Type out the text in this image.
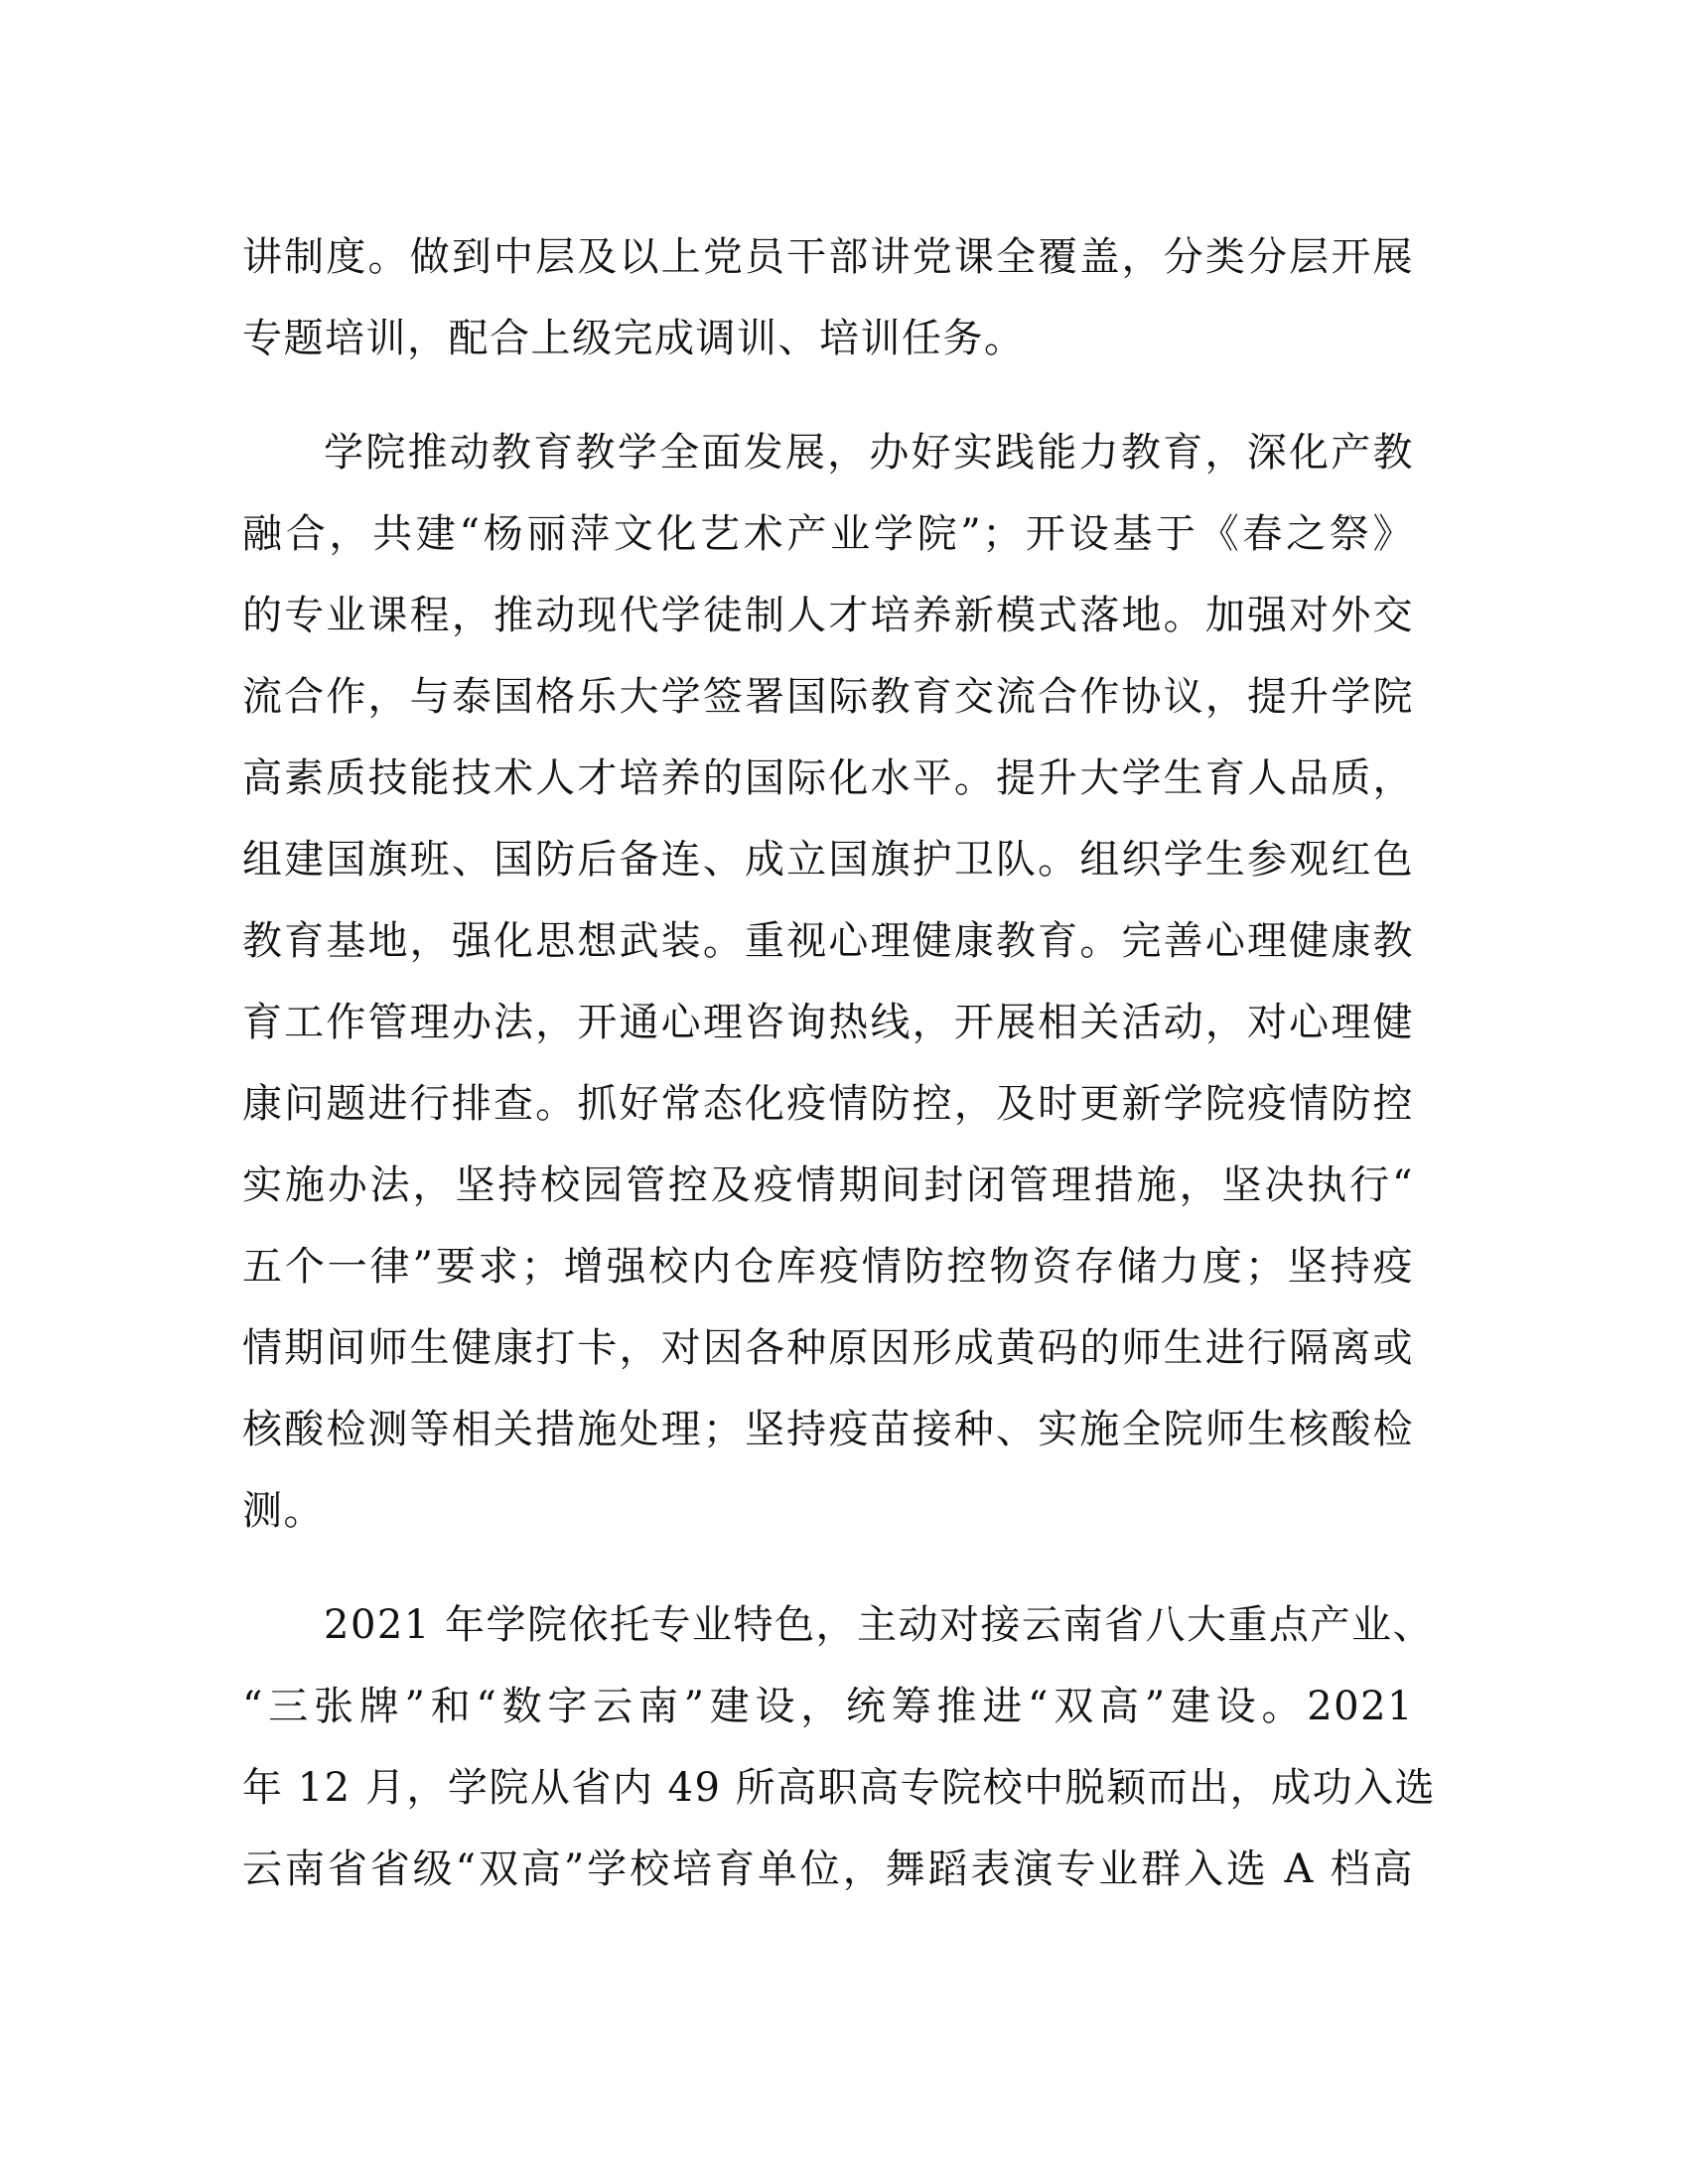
讲制度。做到中层及以上党员干部讲党课全覆盖，分类分层开展
专题培训，配合上级完成调训、培训任务。
学院推动教育教学全面发展，办好实践能力教育，深化产教
融合，共建“杨丽萍文化艺术产业学院”；开设基于《春之祭》
的专业课程，推动现代学徒制人才培养新模式落地。加强对外交
流合作，与泰国格乐大学签署国际教育交流合作协议，提升学院
高素质技能技术人才培养的国际化水平。提升大学生育人品质，
组建国旗班、国防后备连、成立国旗护卫队。组织学生参观红色
教育基地，强化思想武装。重视心理健康教育。完善心理健康教
育工作管理办法，开通心理咨询热线，开展相关活动，对心理健
康问题进行排查。抓好常态化疫情防控，及时更新学院疫情防控
实施办法，坚持校园管控及疫情期间封闭管理措施，坚决执行“
五个一律”要求；增强校内仓库疫情防控物资存储力度；坚持疫
情期间师生健康打卡，对因各种原因形成黄码的师生进行隔离或
核酸检测等相关措施处理；坚持疫苗接种、实施全院师生核酸检
测。
2021 年学院依托专业特色，主动对接云南省八大重点产业、
“三张牌”和“数字云南”建设，统筹推进“双高”建设。2021
年 12 月，学院从省内 49 所高职高专院校中脱颖而出，成功入选
云南省省级“双高”学校培育单位，舞蹈表演专业群入选 A 档高
